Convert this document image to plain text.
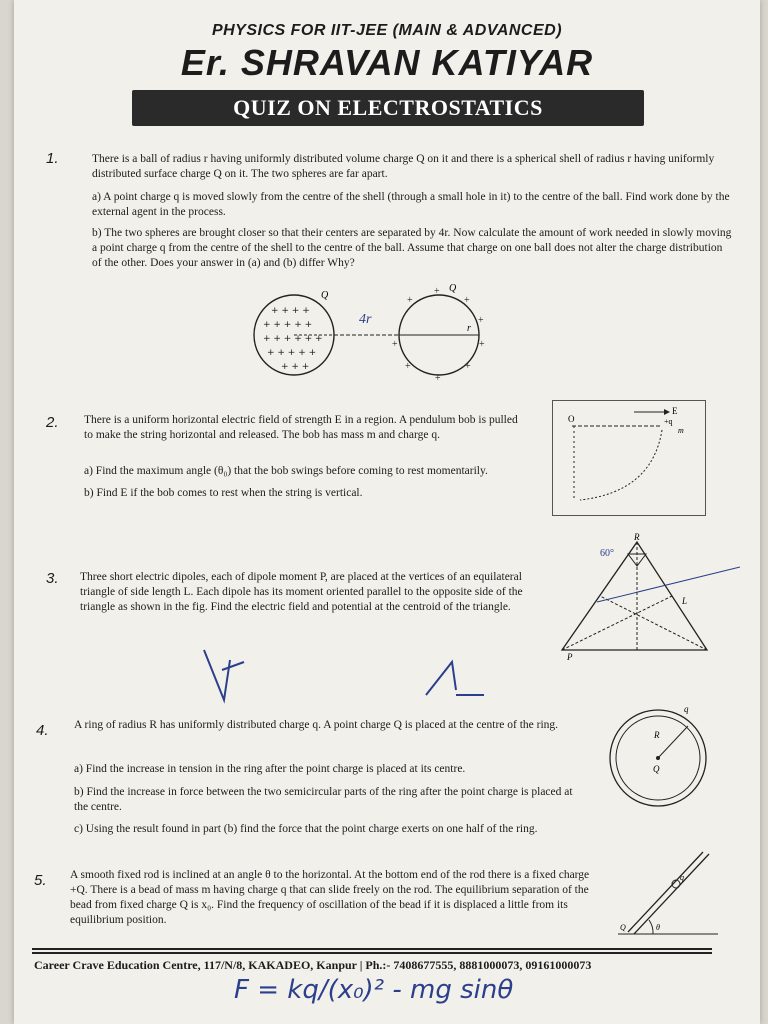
PHYSICS FOR IIT-JEE (MAIN & ADVANCED)
Er. SHRAVAN KATIYAR
QUIZ ON ELECTROSTATICS
1.	There is a ball of radius r having uniformly distributed volume charge Q on it and there is a spherical shell of radius r having uniformly distributed surface charge Q on it. The two spheres are far apart.
a) A point charge q is moved slowly from the centre of the shell (through a small hole in it) to the centre of the ball. Find work done by the external agent in the process.
b) The two spheres are brought closer so that their centers are separated by 4r. Now calculate the amount of work needed in slowly moving a point charge q from the centre of the shell to the centre of the ball. Assume that charge on one ball does not alter the charge distribution of the other. Does your answer in (a) and (b) differ Why?
+ + + +
+ + + + +
+ + + + + +
+ + + + +
+ + +
+
+
+
+
+
+
+
+
+
Q
Q
4r
r
2. There is a uniform horizontal electric field of strength E in a region. A pendulum bob is pulled to make the string horizontal and released. The bob has mass m and charge q.
a) Find the maximum angle (θ₀) that the bob swings before coming to rest momentarily.
b) Find E if the bob comes to rest when the string is vertical.
O
E
+q
m
3. Three short electric dipoles, each of dipole moment P, are placed at the vertices of an equilateral triangle of side length L. Each dipole has its moment oriented parallel to the opposite side of the triangle as shown in the fig. Find the electric field and potential at the centroid of the triangle.
60°
R
P
L
4. A ring of radius R has uniformly distributed charge q. A point charge Q is placed at the centre of the ring.
a) Find the increase in tension in the ring after the point charge is placed at its centre.
b) Find the increase in force between the two semicircular parts of the ring after the point charge is placed at the centre.
c) Using the result found in part (b) find the force that the point charge exerts on one half of the ring.
q
R
Q
5. A smooth fixed rod is inclined at an angle θ to the horizontal. At the bottom end of the rod there is a fixed charge +Q. There is a bead of mass m having charge q that can slide freely on the rod. The equilibrium separation of the bead from fixed charge Q is x₀. Find the frequency of oscillation of the bead if it is displaced a little from its equilibrium position.
q
Q	θ
Career Crave Education Centre, 117/N/8, KAKADEO, Kanpur | Ph.:- 7408677555, 8881000073, 09161000073
F = kq/(x₀)² - mg sinθ
